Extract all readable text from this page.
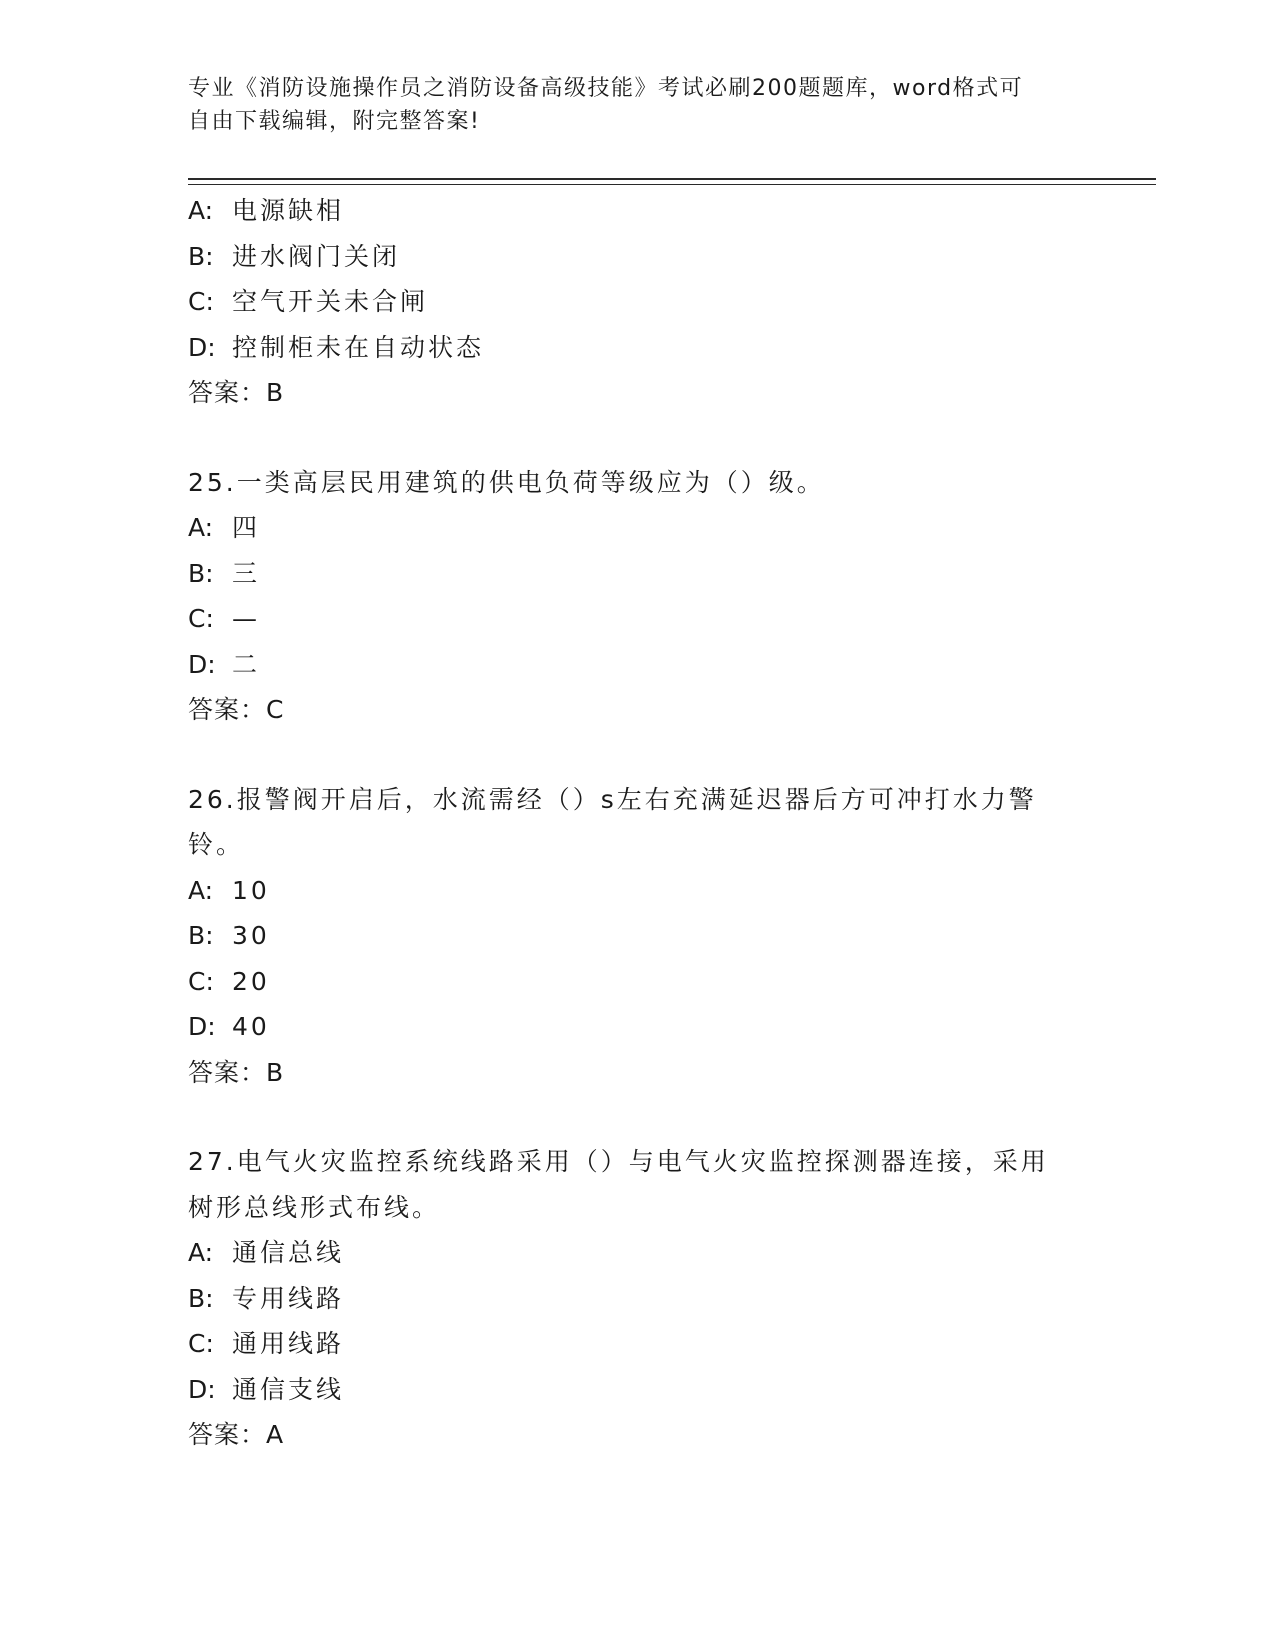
专业《消防设施操作员之消防设备高级技能》考试必刷200题题库，word格式可

自由下载编辑，附完整答案!

A: 电源缺相
B: 进水阀门关闭
C: 空气开关未合闸
D: 控制柜未在自动状态
答案：B
25.一类高层民用建筑的供电负荷等级应为（）级。
A: 四
B: 三
C: —
D: 二
答案：C
26.报警阀开启后，水流需经（）s左右充满延迟器后方可冲打水力警铃。
A: 10
B: 30
C: 20
D: 40
答案：B
27.电气火灾监控系统线路采用（）与电气火灾监控探测器连接，采用树形总线形式布线。
A: 通信总线
B: 专用线路
C: 通用线路
D: 通信支线
答案：A
